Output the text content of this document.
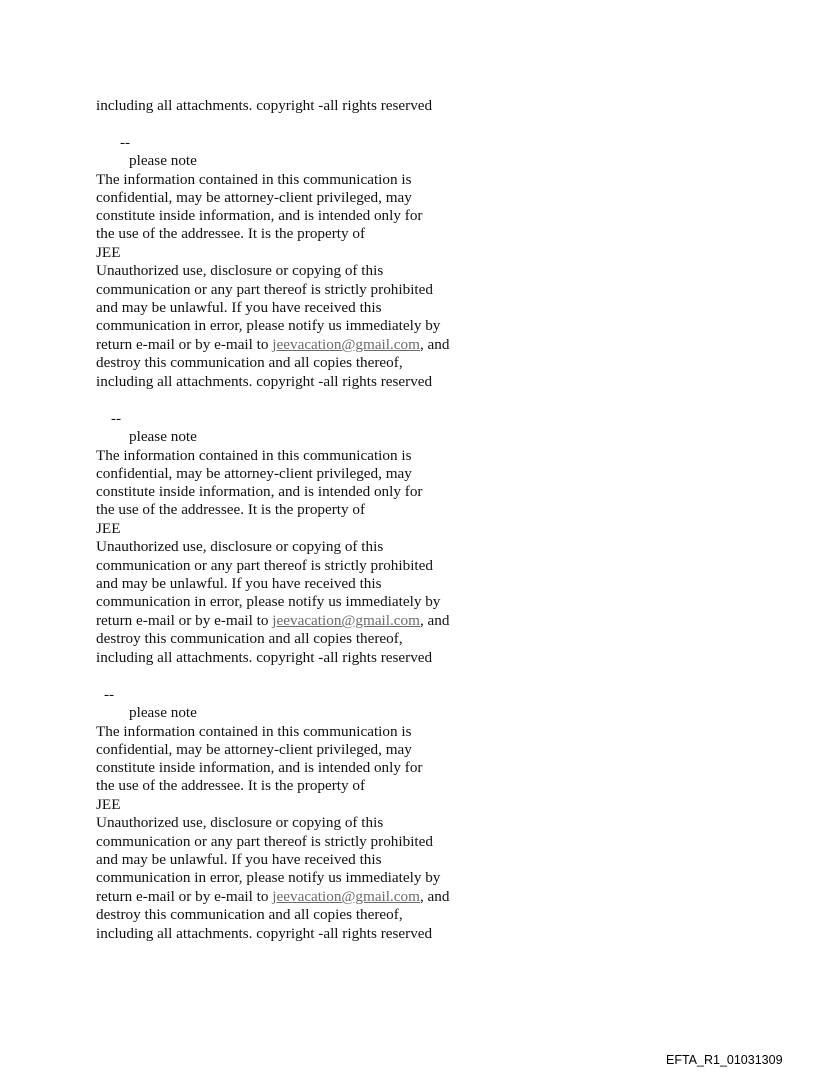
including all attachments. copyright -all rights reserved
--
please note
The information contained in this communication is
confidential, may be attorney-client privileged, may
constitute inside information, and is intended only for
the use of the addressee. It is the property of
JEE
Unauthorized use, disclosure or copying of this
communication or any part thereof is strictly prohibited
and may be unlawful. If you have received this
communication in error, please notify us immediately by
return e-mail or by e-mail to jeevacation@gmail.com, and
destroy this communication and all copies thereof,
including all attachments. copyright -all rights reserved
--
please note
The information contained in this communication is
confidential, may be attorney-client privileged, may
constitute inside information, and is intended only for
the use of the addressee. It is the property of
JEE
Unauthorized use, disclosure or copying of this
communication or any part thereof is strictly prohibited
and may be unlawful. If you have received this
communication in error, please notify us immediately by
return e-mail or by e-mail to jeevacation@gmail.com, and
destroy this communication and all copies thereof,
including all attachments. copyright -all rights reserved
--
please note
The information contained in this communication is
confidential, may be attorney-client privileged, may
constitute inside information, and is intended only for
the use of the addressee. It is the property of
JEE
Unauthorized use, disclosure or copying of this
communication or any part thereof is strictly prohibited
and may be unlawful. If you have received this
communication in error, please notify us immediately by
return e-mail or by e-mail to jeevacation@gmail.com, and
destroy this communication and all copies thereof,
including all attachments. copyright -all rights reserved
EFTA_R1_01031309
